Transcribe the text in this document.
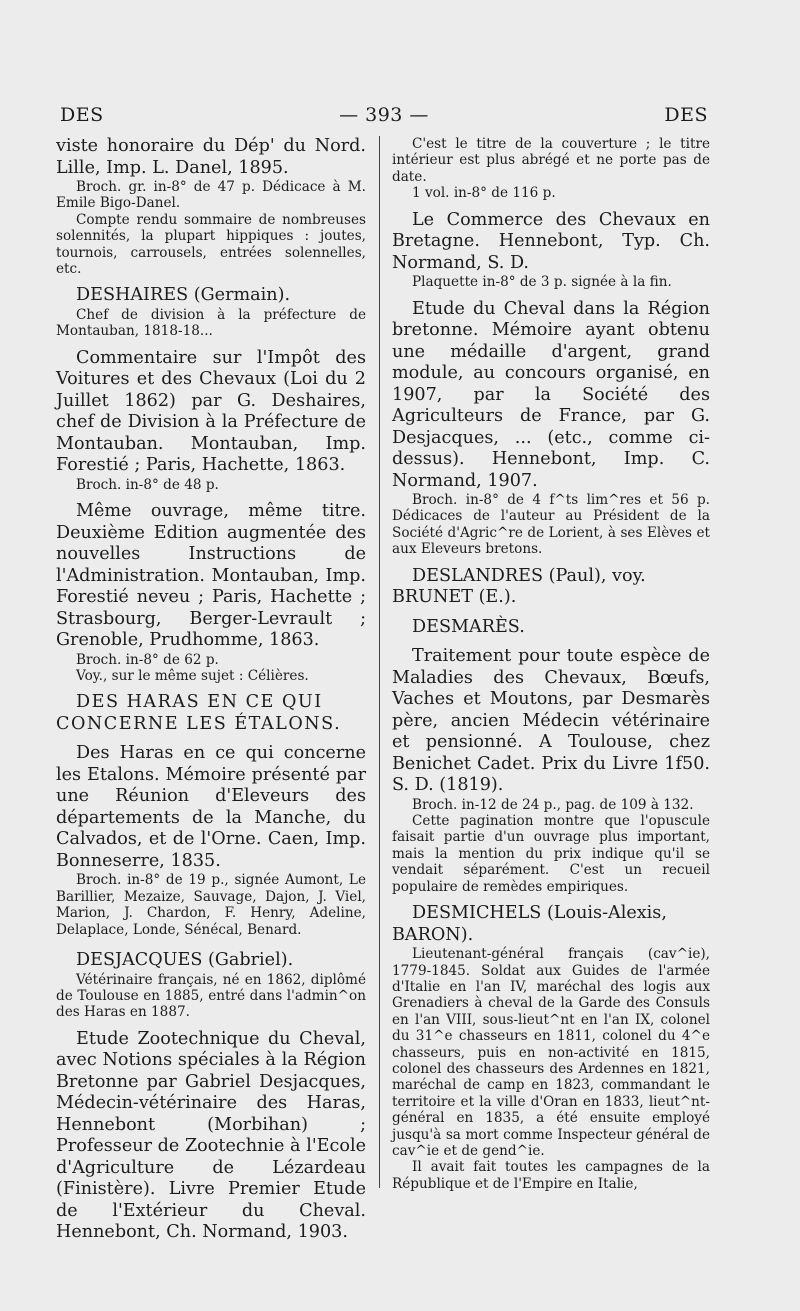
DES	— 393 —	DES

viste honoraire du Dép' du Nord. Lille, Imp. L. Danel, 1895.

Broch. gr. in-8° de 47 p. Dédicace à M. Emile Bigo-Danel.

Compte rendu sommaire de nombreuses solennités, la plupart hippiques : joutes, tournois, carrousels, entrées solennelles, etc.

DESHAIRES (Germain).

Chef de division à la préfecture de Montauban, 1818-18...

Commentaire sur l'Impôt des Voitures et des Chevaux (Loi du 2 Juillet 1862) par G. Deshaires, chef de Division à la Préfecture de Montauban. Montauban, Imp. Forestié ; Paris, Hachette, 1863.

Broch. in-8° de 48 p.

Même ouvrage, même titre. Deuxième Edition augmentée des nouvelles Instructions de l'Administration. Montauban, Imp. Forestié neveu ; Paris, Hachette ; Strasbourg, Berger-Levrault ; Grenoble, Prudhomme, 1863.

Broch. in-8° de 62 p.

Voy., sur le même sujet : Célières.

DES HARAS EN CE QUI CONCERNE LES ÉTALONS.

Des Haras en ce qui concerne les Etalons. Mémoire présenté par une Réunion d'Eleveurs des départements de la Manche, du Calvados, et de l'Orne. Caen, Imp. Bonneserre, 1835.

Broch. in-8° de 19 p., signée Aumont, Le Barillier, Mezaize, Sauvage, Dajon, J. Viel, Marion, J. Chardon, F. Henry, Adeline, Delaplace, Londe, Sénécal, Benard.

DESJACQUES (Gabriel).

Vétérinaire français, né en 1862, diplômé de Toulouse en 1885, entré dans l'admin^on des Haras en 1887.

Etude Zootechnique du Cheval, avec Notions spéciales à la Région Bretonne par Gabriel Desjacques, Médecin-vétérinaire des Haras, Hennebont (Morbihan) ; Professeur de Zootechnie à l'Ecole d'Agriculture de Lézardeau (Finistère). Livre Premier Etude de l'Extérieur du Cheval. Hennebont, Ch. Normand, 1903.

C'est le titre de la couverture ; le titre intérieur est plus abrégé et ne porte pas de date.

1 vol. in-8° de 116 p.

Le Commerce des Chevaux en Bretagne. Hennebont, Typ. Ch. Normand, S. D.

Plaquette in-8° de 3 p. signée à la fin.

Etude du Cheval dans la Région bretonne. Mémoire ayant obtenu une médaille d'argent, grand module, au concours organisé, en 1907, par la Société des Agriculteurs de France, par G. Desjacques, ... (etc., comme ci-dessus). Hennebont, Imp. C. Normand, 1907.

Broch. in-8° de 4 f^ts lim^res et 56 p. Dédicaces de l'auteur au Président de la Société d'Agric^re de Lorient, à ses Elèves et aux Eleveurs bretons.

DESLANDRES (Paul), voy. BRUNET (E.).

DESMARÈS.

Traitement pour toute espèce de Maladies des Chevaux, Bœufs, Vaches et Moutons, par Desmarès père, ancien Médecin vétérinaire et pensionné. A Toulouse, chez Benichet Cadet. Prix du Livre 1f50. S. D. (1819).

Broch. in-12 de 24 p., pag. de 109 à 132.

Cette pagination montre que l'opuscule faisait partie d'un ouvrage plus important, mais la mention du prix indique qu'il se vendait séparément. C'est un recueil populaire de remèdes empiriques.

DESMICHELS (Louis-Alexis, BARON).

Lieutenant-général français (cav^ie), 1779-1845. Soldat aux Guides de l'armée d'Italie en l'an IV, maréchal des logis aux Grenadiers à cheval de la Garde des Consuls en l'an VIII, sous-lieut^nt en l'an IX, colonel du 31^e chasseurs en 1811, colonel du 4^e chasseurs, puis en non-activité en 1815, colonel des chasseurs des Ardennes en 1821, maréchal de camp en 1823, commandant le territoire et la ville d'Oran en 1833, lieut^nt-général en 1835, a été ensuite employé jusqu'à sa mort comme Inspecteur général de cav^ie et de gend^ie.

Il avait fait toutes les campagnes de la République et de l'Empire en Italie,
